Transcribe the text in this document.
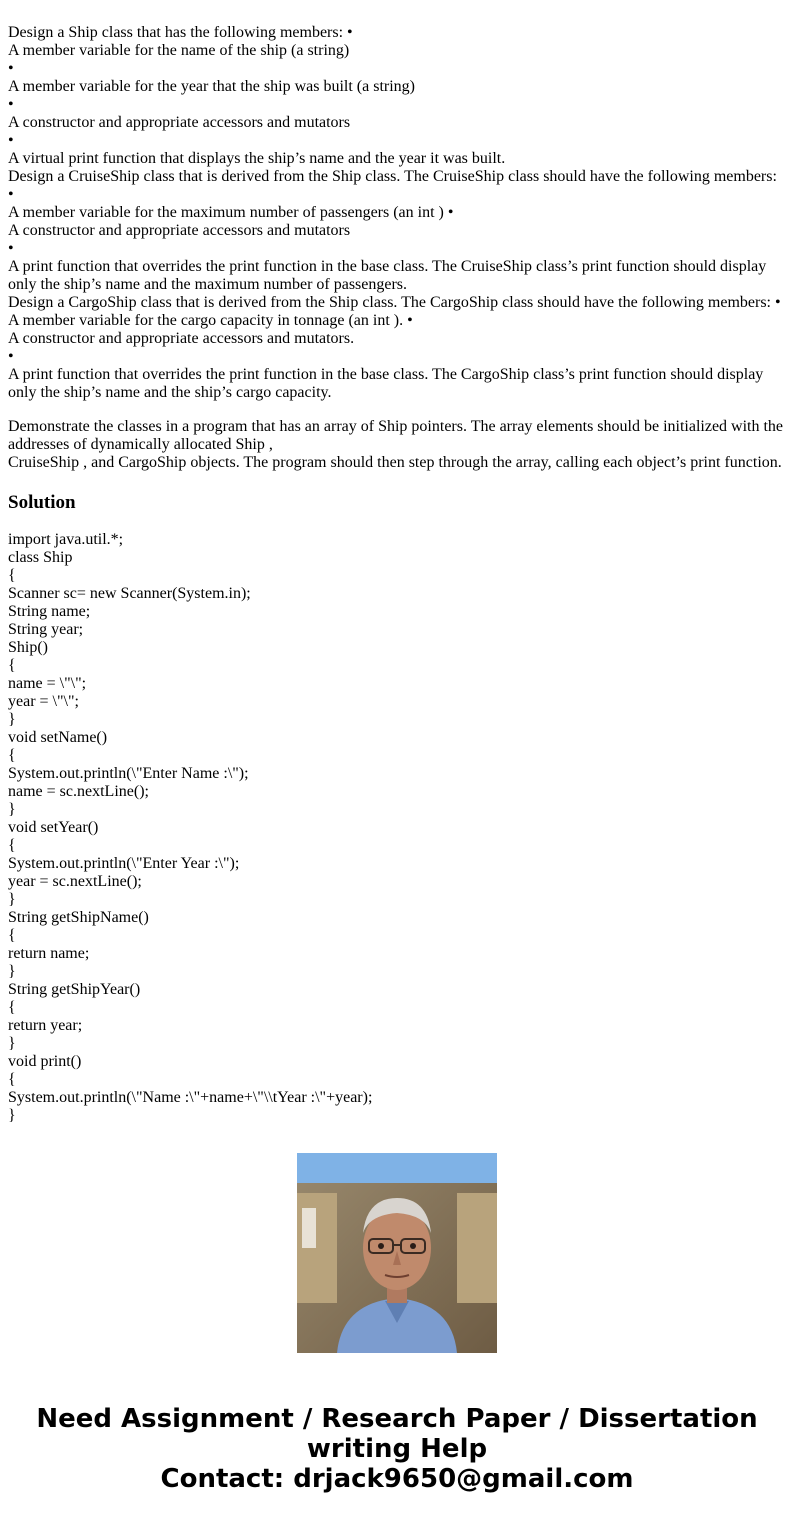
Design a Ship class that has the following members: •
A member variable for the name of the ship (a string)
•
A member variable for the year that the ship was built (a string)
•
A constructor and appropriate accessors and mutators
•
A virtual print function that displays the ship’s name and the year it was built.
Design a CruiseShip class that is derived from the Ship class. The CruiseShip class should have the following members:
•
A member variable for the maximum number of passengers (an int ) •
A constructor and appropriate accessors and mutators
•
A print function that overrides the print function in the base class. The CruiseShip class’s print function should display only the ship’s name and the maximum number of passengers.
Design a CargoShip class that is derived from the Ship class. The CargoShip class should have the following members: •
A member variable for the cargo capacity in tonnage (an int ). •
A constructor and appropriate accessors and mutators.
•
A print function that overrides the print function in the base class. The CargoShip class’s print function should display only the ship’s name and the ship’s cargo capacity.
Demonstrate the classes in a program that has an array of Ship pointers. The array elements should be initialized with the addresses of dynamically allocated Ship ,
CruiseShip , and CargoShip objects. The program should then step through the array, calling each object’s print function.
Solution
import java.util.*;
class Ship
{
Scanner sc= new Scanner(System.in);
String name;
String year;
Ship()
{
name = \"\";
year = \"\";
}
void setName()
{
System.out.println(\"Enter Name :\");
name = sc.nextLine();
}
void setYear()
{
System.out.println(\"Enter Year :\");
year = sc.nextLine();
}
String getShipName()
{
return name;
}
String getShipYear()
{
return year;
}
void print()
{
System.out.println(\"Name :\"+name+\"\\tYear :\"+year);
}
Need Assignment / Research Paper / Dissertation
writing Help
Contact: drjack9650@gmail.com
